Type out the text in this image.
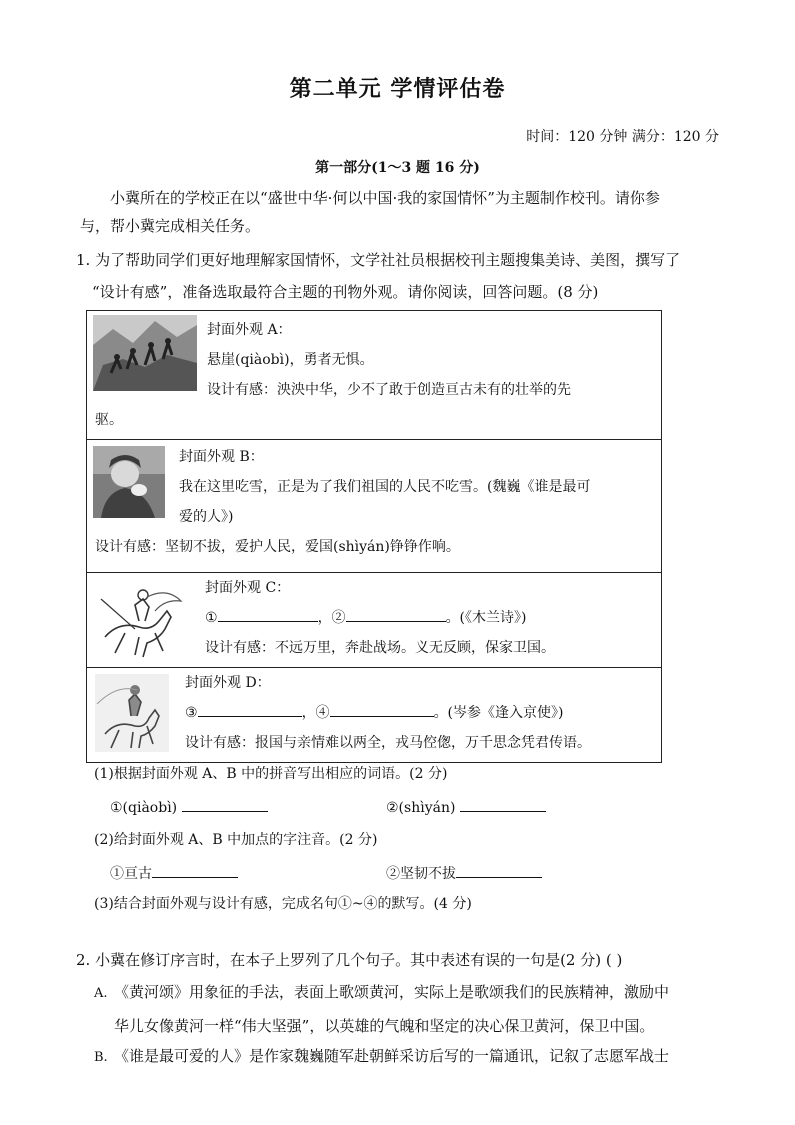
第二单元 学情评估卷
时间：120 分钟 满分：120 分
第一部分(1～3 题 16 分)
小冀所在的学校正在以“盛世中华·何以中国·我的家国情怀”为主题制作校刊。请你参
与，帮小冀完成相关任务。
1. 为了帮助同学们更好地理解家国情怀，文学社社员根据校刊主题搜集美诗、美图，撰写了
“设计有感”，准备选取最符合主题的刊物外观。请你阅读，回答问题。(8 分)
封面外观 A：
悬崖(qiàobì)，勇者无惧。
设计有感：泱泱中华，少不了敢于创造亘古未有的壮举的先
驱。
封面外观 B：
我在这里吃雪，正是为了我们祖国的人民不吃雪。(魏巍《谁是最可
爱的人》)
设计有感：坚韧不拔，爱护人民，爱国(shìyán)铮铮作响。
封面外观 C：
①	，②	。(《木兰诗》)
设计有感：不远万里，奔赴战场。义无反顾，保家卫国。
封面外观 D：
③	，④	。(岑参《逢入京使》)
设计有感：报国与亲情难以两全，戎马倥偬，万千思念凭君传语。
(1)根据封面外观 A、B 中的拼音写出相应的词语。(2 分)
①(qiàobì)	②(shìyán)
(2)给封面外观 A、B 中加点的字注音。(2 分)
①亘古	②坚韧不拔
(3)结合封面外观与设计有感，完成名句①~④的默写。(4 分)
2. 小冀在修订序言时，在本子上罗列了几个句子。其中表述有误的一句是(2 分) ( )
A. 《黄河颂》用象征的手法，表面上歌颂黄河，实际上是歌颂我们的民族精神，激励中
华儿女像黄河一样“伟大坚强”，以英雄的气魄和坚定的决心保卫黄河，保卫中国。
B. 《谁是最可爱的人》是作家魏巍随军赴朝鲜采访后写的一篇通讯，记叙了志愿军战士
